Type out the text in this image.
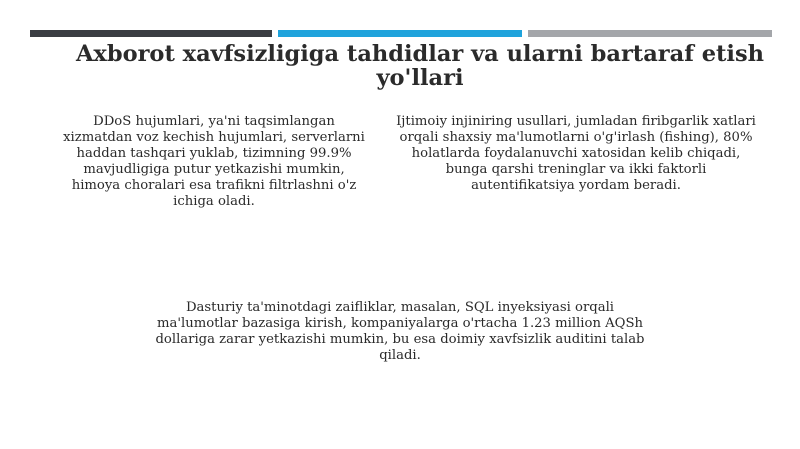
Axborot xavfsizligiga tahdidlar va ularni bartaraf etish yo'llari

DDoS hujumlari, ya'ni taqsimlangan xizmatdan voz kechish hujumlari, serverlarni haddan tashqari yuklab, tizimning 99.9% mavjudligiga putur yetkazishi mumkin, himoya choralari esa trafikni filtrlashni o'z ichiga oladi.

Ijtimoiy injiniring usullari, jumladan firibgarlik xatlari orqali shaxsiy ma'lumotlarni o'g'irlash (fishing), 80% holatlarda foydalanuvchi xatosidan kelib chiqadi, bunga qarshi treninglar va ikki faktorli autentifikatsiya yordam beradi.

Dasturiy ta'minotdagi zaifliklar, masalan, SQL inyeksiyasi orqali ma'lumotlar bazasiga kirish, kompaniyalarga o'rtacha 1.23 million AQSh dollariga zarar yetkazishi mumkin, bu esa doimiy xavfsizlik auditini talab qiladi.
